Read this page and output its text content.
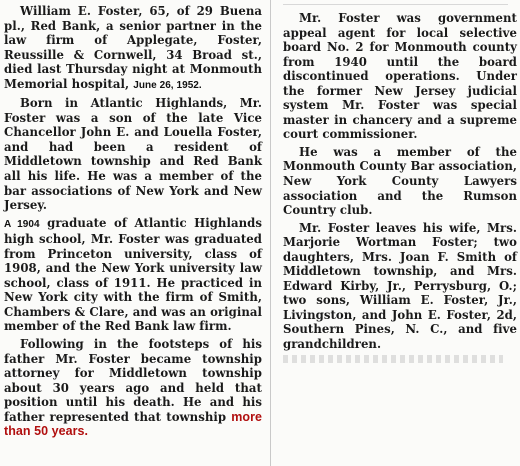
William E. Foster, 65, of 29 Buena pl., Red Bank, a senior partner in the law firm of Applegate, Foster, Reussille & Cornwell, 34 Broad st., died last Thursday night at Monmouth Memorial hospital, June 26, 1952.

Born in Atlantic Highlands, Mr. Foster was a son of the late Vice Chancellor John E. and Louella Foster, and had been a resident of Middletown township and Red Bank all his life. He was a member of the bar associations of New York and New Jersey.

A 1904 graduate of Atlantic Highlands high school, Mr. Foster was graduated from Princeton university, class of 1908, and the New York university law school, class of 1911. He practiced in New York city with the firm of Smith, Chambers & Clare, and was an original member of the Red Bank law firm.

Following in the footsteps of his father Mr. Foster became township attorney for Middletown township about 30 years ago and held that position until his death. He and his father represented that township more than 50 years.

Mr. Foster was government appeal agent for local selective board No. 2 for Monmouth county from 1940 until the board discontinued operations. Under the former New Jersey judicial system Mr. Foster was special master in chancery and a supreme court commissioner.

He was a member of the Monmouth County Bar association, New York County Lawyers association and the Rumson Country club.

Mr. Foster leaves his wife, Mrs. Marjorie Wortman Foster; two daughters, Mrs. Joan F. Smith of Middletown township, and Mrs. Edward Kirby, Jr., Perrysburg, O.; two sons, William E. Foster, Jr., Livingston, and John E. Foster, 2d, Southern Pines, N. C., and five grandchildren.
